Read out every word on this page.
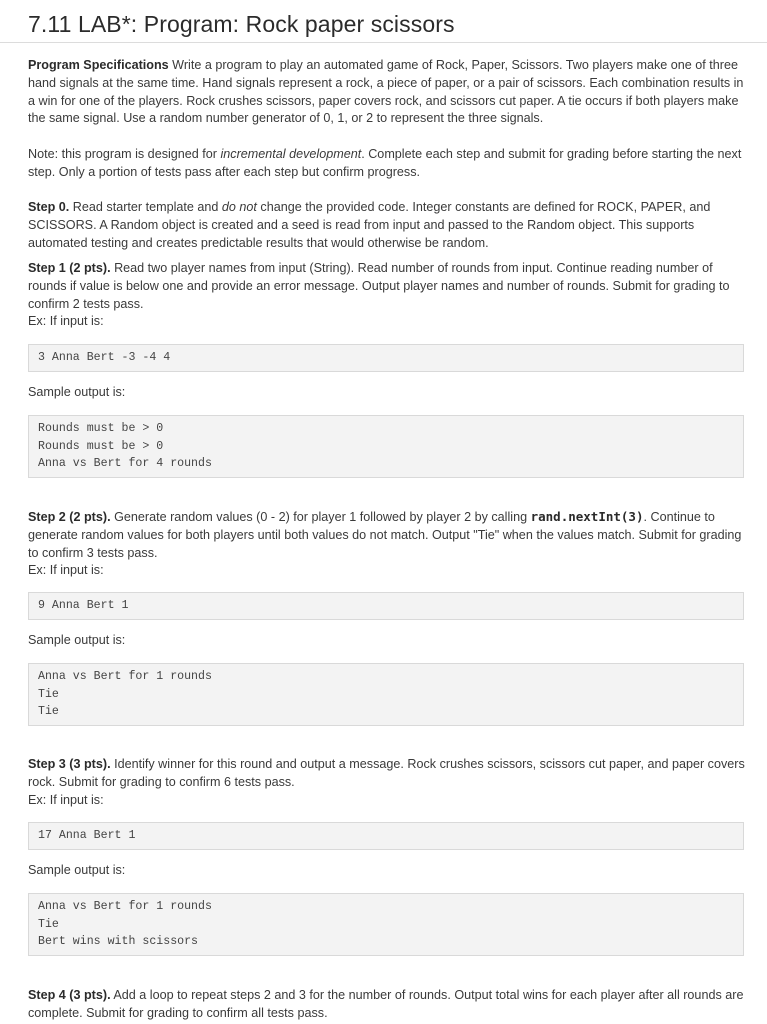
7.11 LAB*: Program: Rock paper scissors

Program Specifications Write a program to play an automated game of Rock, Paper, Scissors. Two players make one of three hand signals at the same time. Hand signals represent a rock, a piece of paper, or a pair of scissors. Each combination results in a win for one of the players. Rock crushes scissors, paper covers rock, and scissors cut paper. A tie occurs if both players make the same signal. Use a random number generator of 0, 1, or 2 to represent the three signals.

Note: this program is designed for incremental development. Complete each step and submit for grading before starting the next step. Only a portion of tests pass after each step but confirm progress.

Step 0. Read starter template and do not change the provided code. Integer constants are defined for ROCK, PAPER, and SCISSORS. A Random object is created and a seed is read from input and passed to the Random object. This supports automated testing and creates predictable results that would otherwise be random.

Step 1 (2 pts). Read two player names from input (String). Read number of rounds from input. Continue reading number of rounds if value is below one and provide an error message. Output player names and number of rounds. Submit for grading to confirm 2 tests pass.
Ex: If input is:

3 Anna Bert -3 -4 4
Sample output is:
Rounds must be > 0
Rounds must be > 0
Anna vs Bert for 4 rounds

Step 2 (2 pts). Generate random values (0 - 2) for player 1 followed by player 2 by calling rand.nextInt(3). Continue to generate random values for both players until both values do not match. Output "Tie" when the values match. Submit for grading to confirm 3 tests pass.
Ex: If input is:

9 Anna Bert 1
Sample output is:
Anna vs Bert for 1 rounds
Tie
Tie

Step 3 (3 pts). Identify winner for this round and output a message. Rock crushes scissors, scissors cut paper, and paper covers rock. Submit for grading to confirm 6 tests pass.
Ex: If input is:

17 Anna Bert 1
Sample output is:
Anna vs Bert for 1 rounds
Tie
Bert wins with scissors

Step 4 (3 pts). Add a loop to repeat steps 2 and 3 for the number of rounds. Output total wins for each player after all rounds are complete. Submit for grading to confirm all tests pass.
